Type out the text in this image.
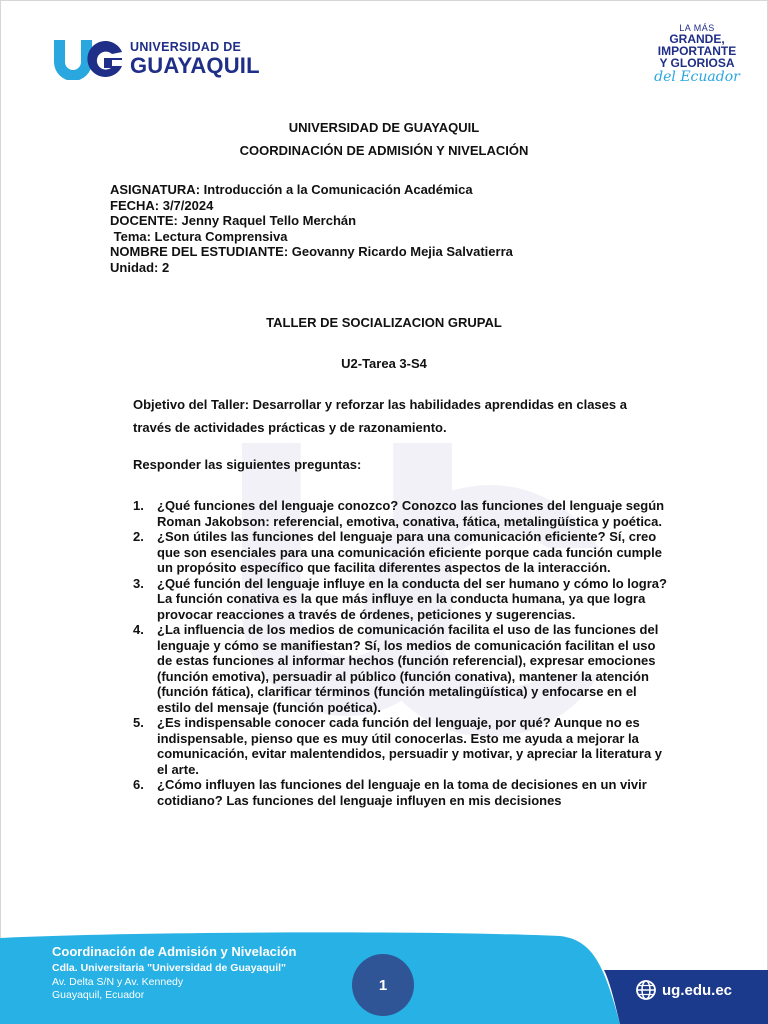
UNIVERSIDAD DE
GUAYAQUIL
LA MÁS
GRANDE,
IMPORTANTE
Y GLORIOSA
del Ecuador
UNIVERSIDAD DE GUAYAQUIL
COORDINACIÓN DE ADMISIÓN Y NIVELACIÓN
ASIGNATURA: Introducción a la Comunicación Académica
FECHA: 3/7/2024
DOCENTE: Jenny Raquel Tello Merchán
Tema: Lectura Comprensiva
NOMBRE DEL ESTUDIANTE: Geovanny Ricardo Mejia Salvatierra
Unidad: 2
TALLER DE SOCIALIZACION GRUPAL
U2-Tarea 3-S4
Objetivo del Taller: Desarrollar y reforzar las habilidades aprendidas en clases a través de actividades prácticas y de razonamiento.
Responder las siguientes preguntas:
1. ¿Qué funciones del lenguaje conozco? Conozco las funciones del lenguaje según Roman Jakobson: referencial, emotiva, conativa, fática, metalingüística y poética.
2. ¿Son útiles las funciones del lenguaje para una comunicación eficiente? Sí, creo que son esenciales para una comunicación eficiente porque cada función cumple un propósito específico que facilita diferentes aspectos de la interacción.
3. ¿Qué función del lenguaje influye en la conducta del ser humano y cómo lo logra? La función conativa es la que más influye en la conducta humana, ya que logra provocar reacciones a través de órdenes, peticiones y sugerencias.
4. ¿La influencia de los medios de comunicación facilita el uso de las funciones del lenguaje y cómo se manifiestan? Sí, los medios de comunicación facilitan el uso de estas funciones al informar hechos (función referencial), expresar emociones (función emotiva), persuadir al público (función conativa), mantener la atención (función fática), clarificar términos (función metalingüística) y enfocarse en el estilo del mensaje (función poética).
5. ¿Es indispensable conocer cada función del lenguaje, por qué? Aunque no es indispensable, pienso que es muy útil conocerlas. Esto me ayuda a mejorar la comunicación, evitar malentendidos, persuadir y motivar, y apreciar la literatura y el arte.
6. ¿Cómo influyen las funciones del lenguaje en la toma de decisiones en un vivir cotidiano? Las funciones del lenguaje influyen en mis decisiones
Coordinación de Admisión y Nivelación
Cdla. Universitaria "Universidad de Guayaquil"
Av. Delta S/N y Av. Kennedy
Guayaquil, Ecuador
1	ug.edu.ec
